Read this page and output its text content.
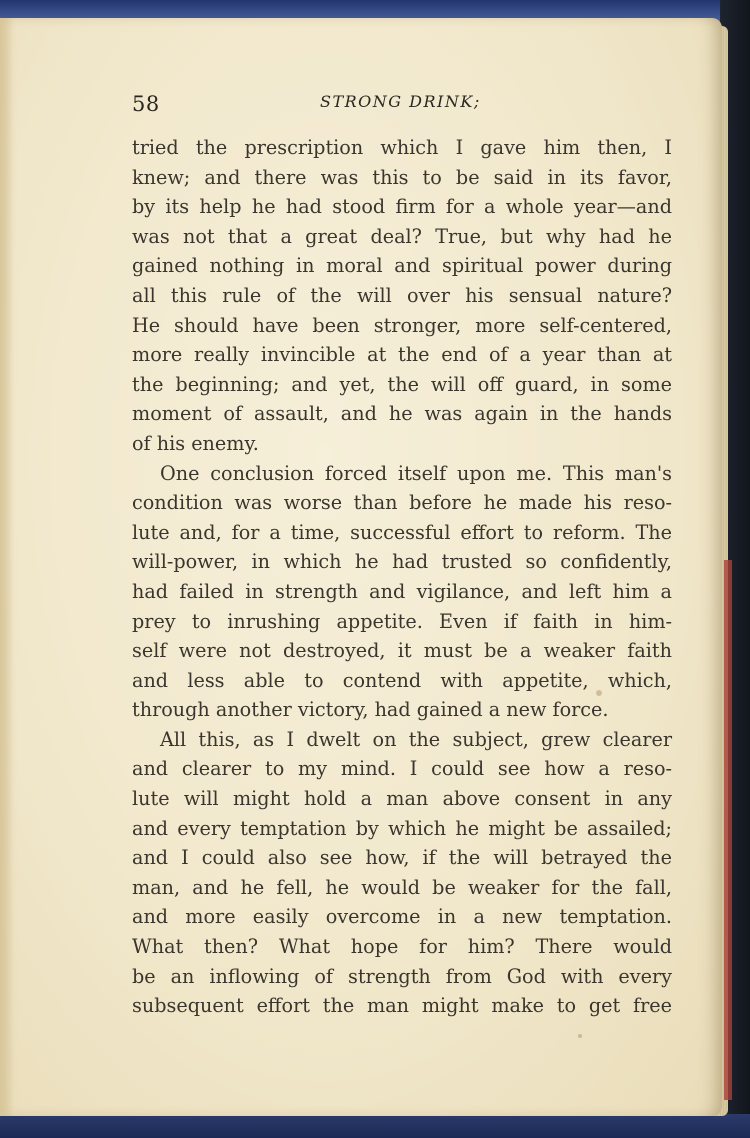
58	STRONG DRINK;
tried the prescription which I gave him then, I
knew; and there was this to be said in its favor,
by its help he had stood firm for a whole year—and
was not that a great deal? True, but why had he
gained nothing in moral and spiritual power during
all this rule of the will over his sensual nature?
He should have been stronger, more self-centered,
more really invincible at the end of a year than at
the beginning; and yet, the will off guard, in some
moment of assault, and he was again in the hands
of his enemy.
One conclusion forced itself upon me. This man's
condition was worse than before he made his reso-
lute and, for a time, successful effort to reform. The
will-power, in which he had trusted so confidently,
had failed in strength and vigilance, and left him a
prey to inrushing appetite. Even if faith in him-
self were not destroyed, it must be a weaker faith
and less able to contend with appetite, which,
through another victory, had gained a new force.
All this, as I dwelt on the subject, grew clearer
and clearer to my mind. I could see how a reso-
lute will might hold a man above consent in any
and every temptation by which he might be assailed;
and I could also see how, if the will betrayed the
man, and he fell, he would be weaker for the fall,
and more easily overcome in a new temptation.
What then? What hope for him? There would
be an inflowing of strength from God with every
subsequent effort the man might make to get free
